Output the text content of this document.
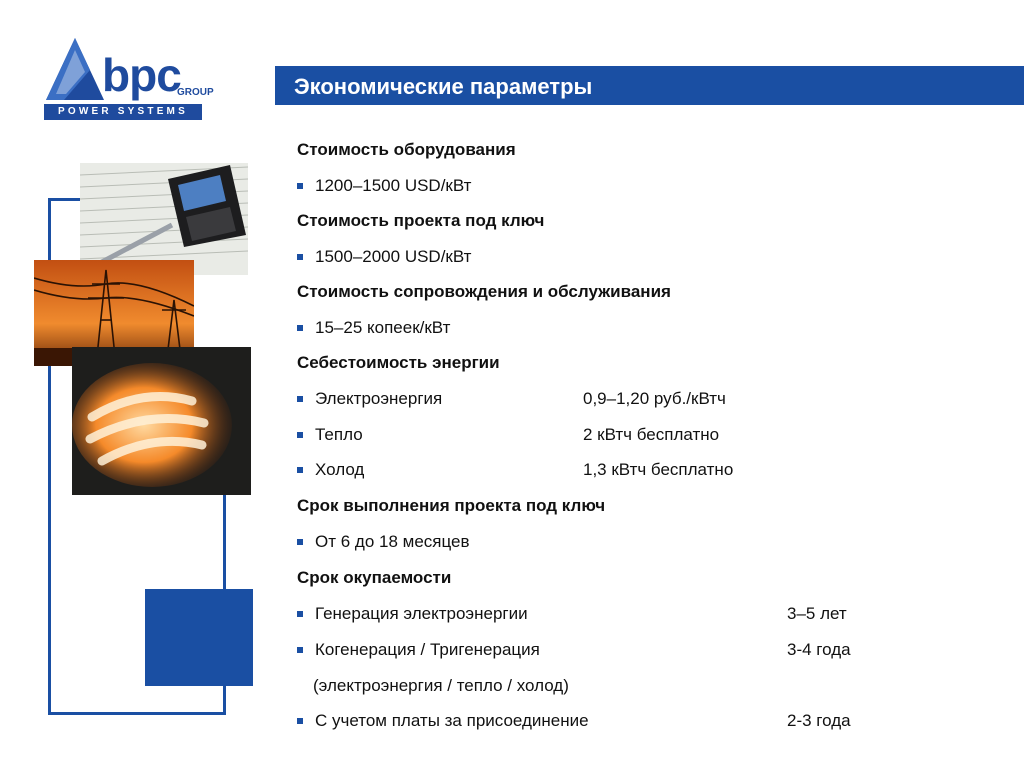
bpc
GROUP
POWER SYSTEMS
Экономические параметры
Стоимость оборудования
1200–1500 USD/кВт
Стоимость проекта под ключ
1500–2000 USD/кВт
Стоимость сопровождения и обслуживания
15–25 копеек/кВт
Себестоимость энергии
Электроэнергия	0,9–1,20 руб./кВтч
Тепло	2 кВтч бесплатно
Холод	1,3 кВтч бесплатно
Срок выполнения проекта под ключ
От 6 до 18 месяцев
Срок окупаемости
Генерация электроэнергии	3–5 лет
Когенерация / Тригенерация	3-4 года
(электроэнергия / тепло / холод)
С учетом платы за присоединение	2-3 года
